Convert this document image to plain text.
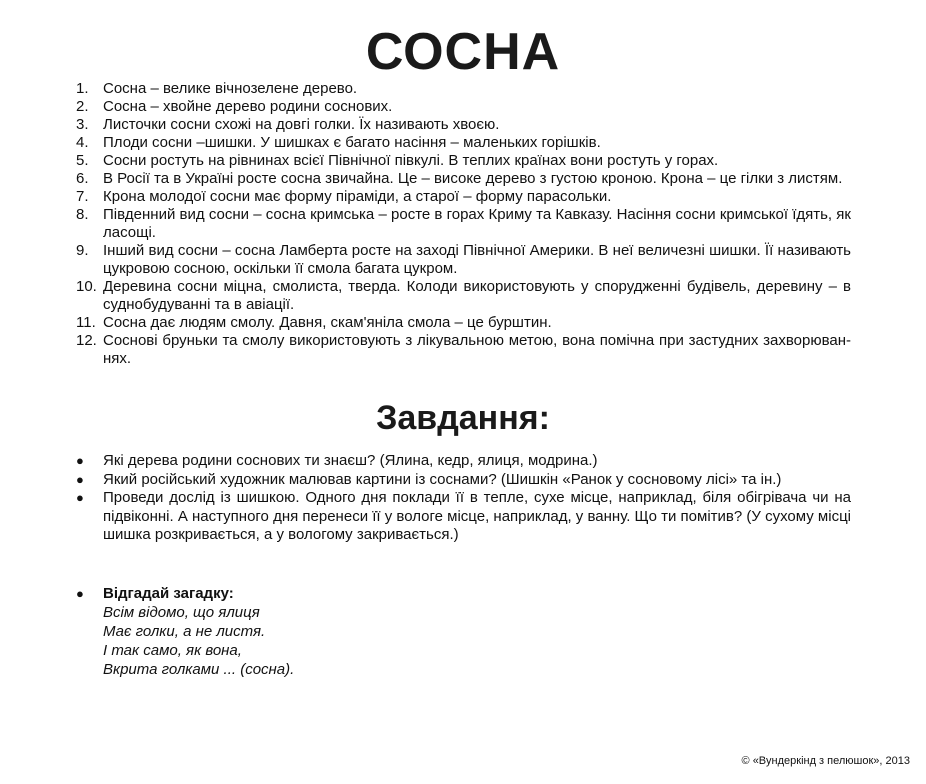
СОСНА
1. Сосна – велике вічнозелене дерево.
2. Сосна – хвойне дерево родини соснових.
3. Листочки сосни схожі на довгі голки. Їх називають хвоєю.
4. Плоди сосни –шишки. У шишках є багато насіння – маленьких горішків.
5. Сосни ростуть на рівнинах всієї Північної півкулі. В теплих країнах вони ростуть у горах.
6. В Росії та в Україні росте сосна звичайна. Це – високе дерево з густою кроною. Крона – це гілки з листям.
7. Крона молодої сосни має форму піраміди, а старої – форму парасольки.
8. Південний вид сосни – сосна кримська – росте в горах Криму та Кавказу. Насіння сосни кримської їдять, як ласощі.
9. Інший вид сосни – сосна Ламберта росте на заході Північної Америки. В неї величезні шишки. Її називають цукровою сосною, оскільки її смола багата цукром.
10. Деревина сосни міцна, смолиста, тверда. Колоди використовують у спорудженні будівель, деревину – в суднобудуванні та в авіації.
11. Сосна дає людям смолу. Давня, скам'яніла смола – це бурштин.
12. Соснові бруньки та смолу використовують з лікувальною метою, вона помічна при застудних захворюван-нях.
Завдання:
●	Які дерева родини соснових ти знаєш? (Ялина, кедр, ялиця, модрина.)
●	Який російський художник малював картини із соснами? (Шишкін «Ранок у сосновому лісі» та ін.)
●	Проведи дослід із шишкою. Одного дня поклади її в тепле, сухе місце, наприклад, біля обігрівача чи на підвіконні. А наступного дня перенеси її у вологе місце, наприклад, у ванну. Що ти помітив? (У сухому місці шишка розкривається, а у вологому закривається.)
●	Відгадай загадку:
Всім відомо, що ялиця
Має голки, а не листя.
І так само, як вона,
Вкрита голками ... (сосна).
© «Вундеркінд з пелюшок», 2013
